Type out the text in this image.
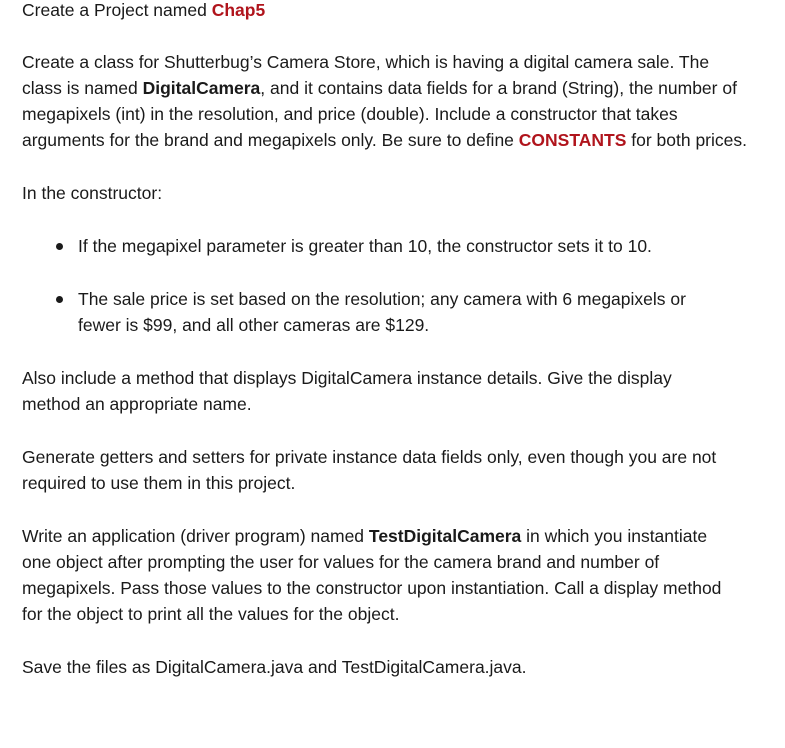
Create a Project named Chap5

Create a class for Shutterbug’s Camera Store, which is having a digital camera sale. The class is named DigitalCamera, and it contains data fields for a brand (String), the number of megapixels (int) in the resolution, and price (double). Include a constructor that takes arguments for the brand and megapixels only. Be sure to define CONSTANTS for both prices.

In the constructor:

If the megapixel parameter is greater than 10, the constructor sets it to 10.
The sale price is set based on the resolution; any camera with 6 megapixels or fewer is $99, and all other cameras are $129.

Also include a method that displays DigitalCamera instance details. Give the display method an appropriate name.

Generate getters and setters for private instance data fields only, even though you are not required to use them in this project.

Write an application (driver program) named TestDigitalCamera in which you instantiate one object after prompting the user for values for the camera brand and number of megapixels. Pass those values to the constructor upon instantiation. Call a display method for the object to print all the values for the object.

Save the files as DigitalCamera.java and TestDigitalCamera.java.
